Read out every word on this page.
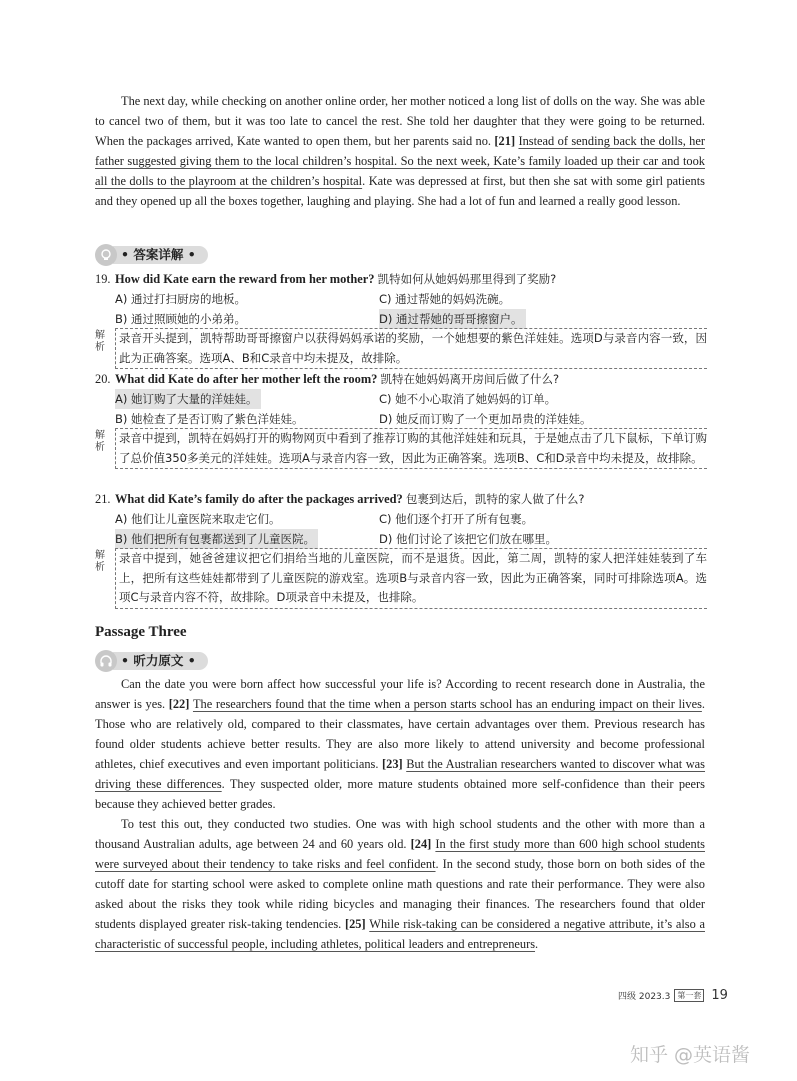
The next day, while checking on another online order, her mother noticed a long list of dolls on the way. She was able to cancel two of them, but it was too late to cancel the rest. She told her daughter that they were going to be returned. When the packages arrived, Kate wanted to open them, but her parents said no. [21] Instead of sending back the dolls, her father suggested giving them to the local children’s hospital. So the next week, Kate’s family loaded up their car and took all the dolls to the playroom at the children’s hospital. Kate was depressed at first, but then she sat with some girl patients and they opened up all the boxes together, laughing and playing. She had a lot of fun and learned a really good lesson.

• 答案详解 •
19. How did Kate earn the reward from her mother? 凯特如何从她妈妈那里得到了奖励?
A) 通过打扫厨房的地板。	C) 通过帮她的妈妈洗碗。
B) 通过照顾她的小弟弟。	D) 通过帮她的哥哥擦窗户。
解析
录音开头提到，凯特帮助哥哥擦窗户以获得妈妈承诺的奖励，一个她想要的紫色洋娃娃。选项D与录音内容一致，因此为正确答案。选项A、B和C录音中均未提及，故排除。
20. What did Kate do after her mother left the room? 凯特在她妈妈离开房间后做了什么?
A) 她订购了大量的洋娃娃。	C) 她不小心取消了她妈妈的订单。
B) 她检查了是否订购了紫色洋娃娃。	D) 她反而订购了一个更加昂贵的洋娃娃。
解析
录音中提到，凯特在妈妈打开的购物网页中看到了推荐订购的其他洋娃娃和玩具，于是她点击了几下鼠标，下单订购了总价值350多美元的洋娃娃。选项A与录音内容一致，因此为正确答案。选项B、C和D录音中均未提及，故排除。
21. What did Kate’s family do after the packages arrived? 包裹到达后，凯特的家人做了什么?
A) 他们让儿童医院来取走它们。	C) 他们逐个打开了所有包裹。
B) 他们把所有包裹都送到了儿童医院。	D) 他们讨论了该把它们放在哪里。
解析
录音中提到，她爸爸建议把它们捐给当地的儿童医院，而不是退货。因此，第二周，凯特的家人把洋娃娃装到了车上，把所有这些娃娃都带到了儿童医院的游戏室。选项B与录音内容一致，因此为正确答案，同时可排除选项A。选项C与录音内容不符，故排除。D项录音中未提及，也排除。
Passage Three
• 听力原文 •

Can the date you were born affect how successful your life is? According to recent research done in Australia, the answer is yes. [22] The researchers found that the time when a person starts school has an enduring impact on their lives. Those who are relatively old, compared to their classmates, have certain advantages over them. Previous research has found older students achieve better results. They are also more likely to attend university and become professional athletes, chief executives and even important politicians. [23] But the Australian researchers wanted to discover what was driving these differences. They suspected older, more mature students obtained more self-confidence than their peers because they achieved better grades.

To test this out, they conducted two studies. One was with high school students and the other with more than a thousand Australian adults, age between 24 and 60 years old. [24] In the first study more than 600 high school students were surveyed about their tendency to take risks and feel confident. In the second study, those born on both sides of the cutoff date for starting school were asked to complete online math questions and rate their performance. They were also asked about the risks they took while riding bicycles and managing their finances. The researchers found that older students displayed greater risk-taking tendencies. [25] While risk-taking can be considered a negative attribute, it’s also a characteristic of successful people, including athletes, political leaders and entrepreneurs.

四级 2023.3 第一套 19
知乎 @英语酱
